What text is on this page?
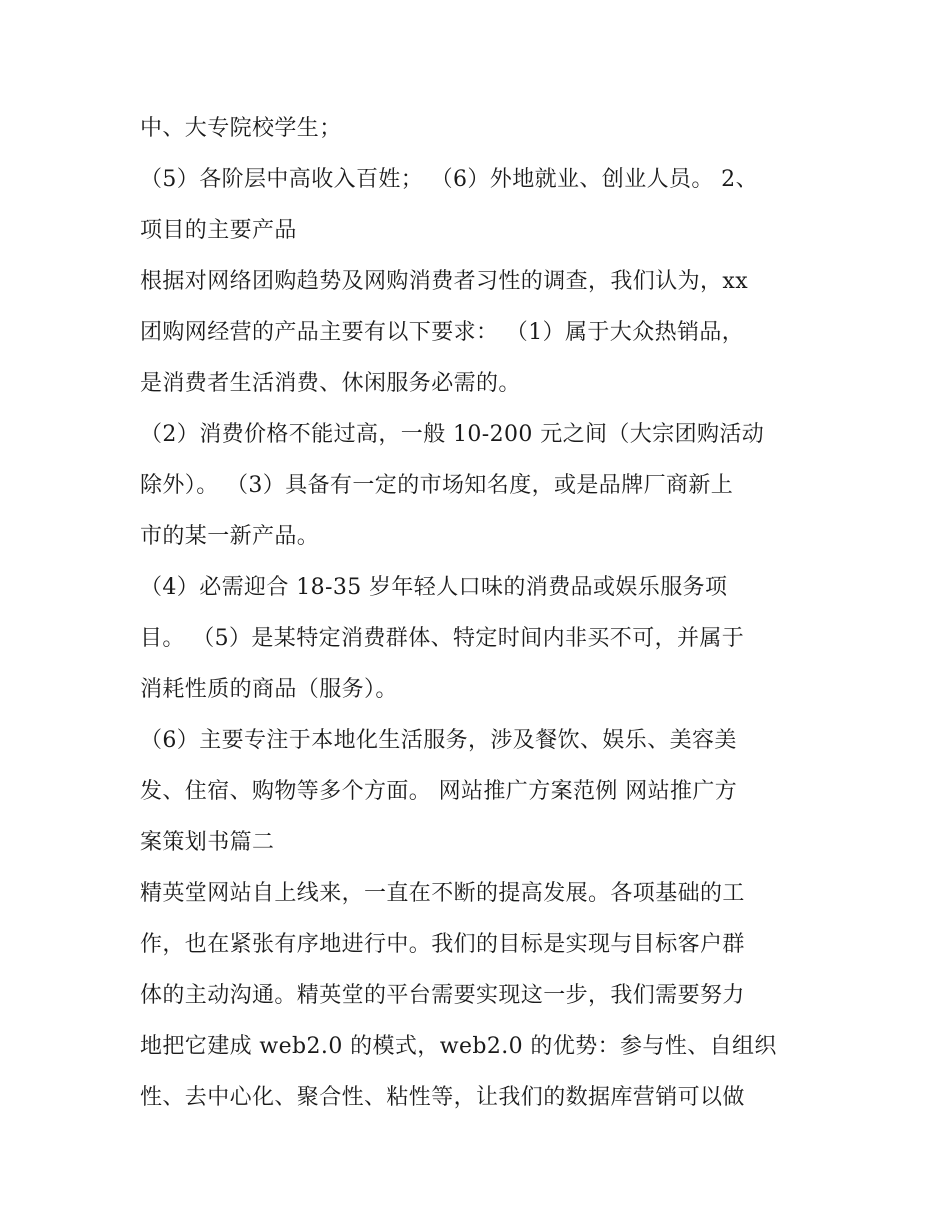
中、大专院校学生；
（5）各阶层中高收入百姓； （6）外地就业、创业人员。 2、
项目的主要产品
根据对网络团购趋势及网购消费者习性的调查，我们认为，xx
团购网经营的产品主要有以下要求： （1）属于大众热销品，
是消费者生活消费、休闲服务必需的。
（2）消费价格不能过高，一般 10-200 元之间（大宗团购活动
除外）。 （3）具备有一定的市场知名度，或是品牌厂商新上
市的某一新产品。
（4）必需迎合 18-35 岁年轻人口味的消费品或娱乐服务项
目。 （5）是某特定消费群体、特定时间内非买不可，并属于
消耗性质的商品（服务）。
（6）主要专注于本地化生活服务，涉及餐饮、娱乐、美容美
发、住宿、购物等多个方面。 网站推广方案范例 网站推广方
案策划书篇二
精英堂网站自上线来，一直在不断的提高发展。各项基础的工
作，也在紧张有序地进行中。我们的目标是实现与目标客户群
体的主动沟通。精英堂的平台需要实现这一步，我们需要努力
地把它建成 web2.0 的模式，web2.0 的优势：参与性、自组织
性、去中心化、聚合性、粘性等，让我们的数据库营销可以做
